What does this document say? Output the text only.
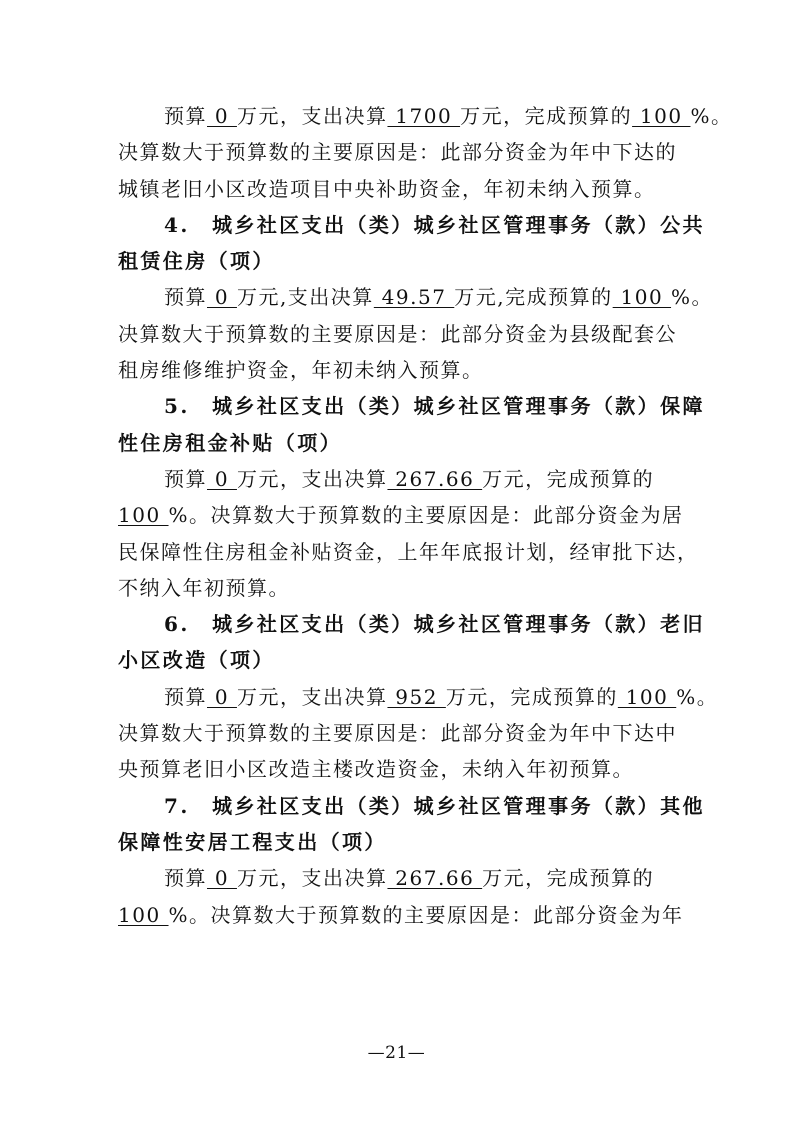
预算 0 万元，支出决算 1700 万元，完成预算的 100 %。
决算数大于预算数的主要原因是：此部分资金为年中下达的
城镇老旧小区改造项目中央补助资金，年初未纳入预算。
4.　城乡社区支出（类）城乡社区管理事务（款）公共
租赁住房（项）
预算 0 万元,支出决算 49.57 万元,完成预算的 100 %。
决算数大于预算数的主要原因是：此部分资金为县级配套公
租房维修维护资金，年初未纳入预算。
5.　城乡社区支出（类）城乡社区管理事务（款）保障
性住房租金补贴（项）
预算 0 万元，支出决算 267.66 万元，完成预算的
100 %。决算数大于预算数的主要原因是：此部分资金为居
民保障性住房租金补贴资金，上年年底报计划，经审批下达，
不纳入年初预算。
6.　城乡社区支出（类）城乡社区管理事务（款）老旧
小区改造（项）
预算 0 万元，支出决算 952 万元，完成预算的 100 %。
决算数大于预算数的主要原因是：此部分资金为年中下达中
央预算老旧小区改造主楼改造资金，未纳入年初预算。
7.　城乡社区支出（类）城乡社区管理事务（款）其他
保障性安居工程支出（项）
预算 0 万元，支出决算 267.66 万元，完成预算的
100 %。决算数大于预算数的主要原因是：此部分资金为年
—21—
